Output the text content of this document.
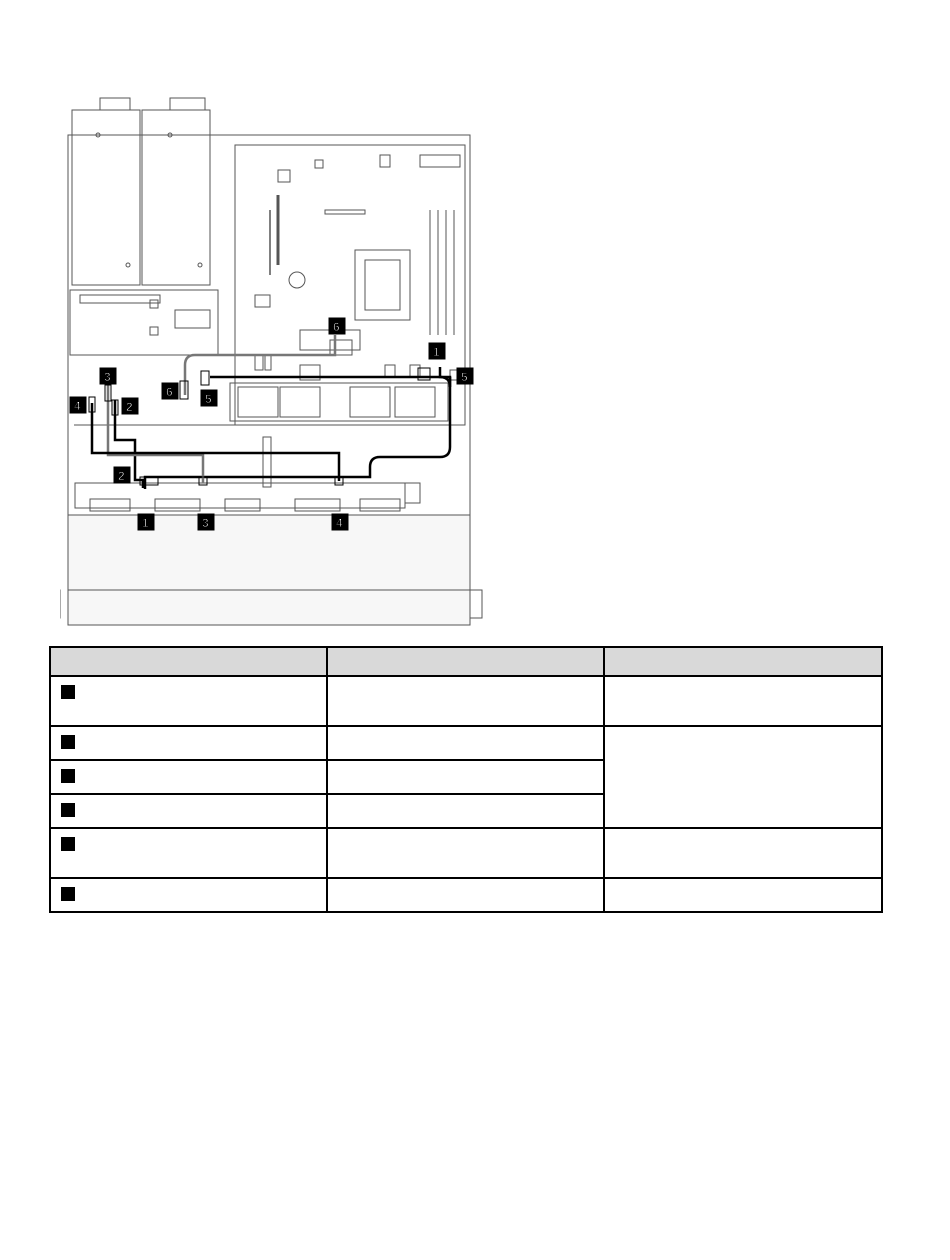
1
6
5
3
6	5
4	2
2
1	3	4
